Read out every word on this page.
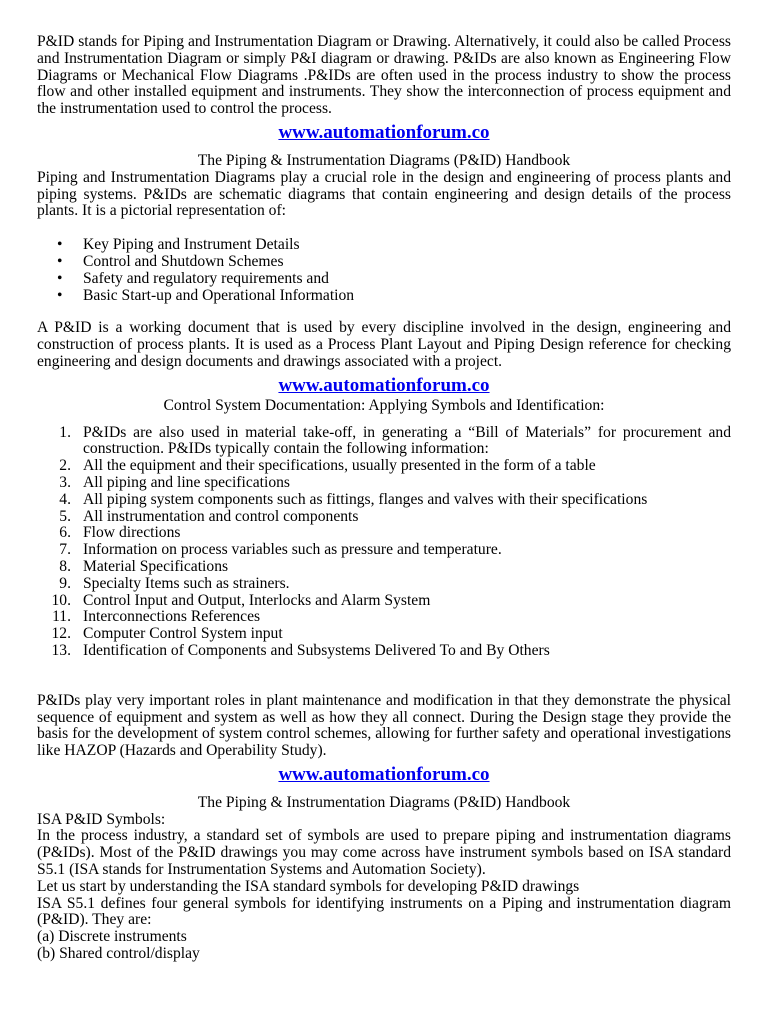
P&ID stands for Piping and Instrumentation Diagram or Drawing. Alternatively, it could also be called Process and Instrumentation Diagram or simply P&I diagram or drawing. P&IDs are also known as Engineering Flow Diagrams or Mechanical Flow Diagrams .P&IDs are often used in the process industry to show the process flow and other installed equipment and instruments. They show the interconnection of process equipment and the instrumentation used to control the process.

www.automationforum.co

The Piping & Instrumentation Diagrams (P&ID) Handbook

Piping and Instrumentation Diagrams play a crucial role in the design and engineering of process plants and piping systems. P&IDs are schematic diagrams that contain engineering and design details of the process plants. It is a pictorial representation of:

• Key Piping and Instrument Details
• Control and Shutdown Schemes
• Safety and regulatory requirements and
• Basic Start-up and Operational Information

A P&ID is a working document that is used by every discipline involved in the design, engineering and construction of process plants. It is used as a Process Plant Layout and Piping Design reference for checking engineering and design documents and drawings associated with a project.

www.automationforum.co

Control System Documentation: Applying Symbols and Identification:

1. P&IDs are also used in material take-off, in generating a “Bill of Materials” for procurement and construction. P&IDs typically contain the following information:
2. All the equipment and their specifications, usually presented in the form of a table
3. All piping and line specifications
4. All piping system components such as fittings, flanges and valves with their specifications
5. All instrumentation and control components
6. Flow directions
7. Information on process variables such as pressure and temperature.
8. Material Specifications
9. Specialty Items such as strainers.
10. Control Input and Output, Interlocks and Alarm System
11. Interconnections References
12. Computer Control System input
13. Identification of Components and Subsystems Delivered To and By Others

P&IDs play very important roles in plant maintenance and modification in that they demonstrate the physical sequence of equipment and system as well as how they all connect. During the Design stage they provide the basis for the development of system control schemes, allowing for further safety and operational investigations like HAZOP (Hazards and Operability Study).

www.automationforum.co

The Piping & Instrumentation Diagrams (P&ID) Handbook

ISA P&ID Symbols:

In the process industry, a standard set of symbols are used to prepare piping and instrumentation diagrams (P&IDs). Most of the P&ID drawings you may come across have instrument symbols based on ISA standard S5.1 (ISA stands for Instrumentation Systems and Automation Society).

Let us start by understanding the ISA standard symbols for developing P&ID drawings

ISA S5.1 defines four general symbols for identifying instruments on a Piping and instrumentation diagram (P&ID). They are:

(a) Discrete instruments

(b) Shared control/display
